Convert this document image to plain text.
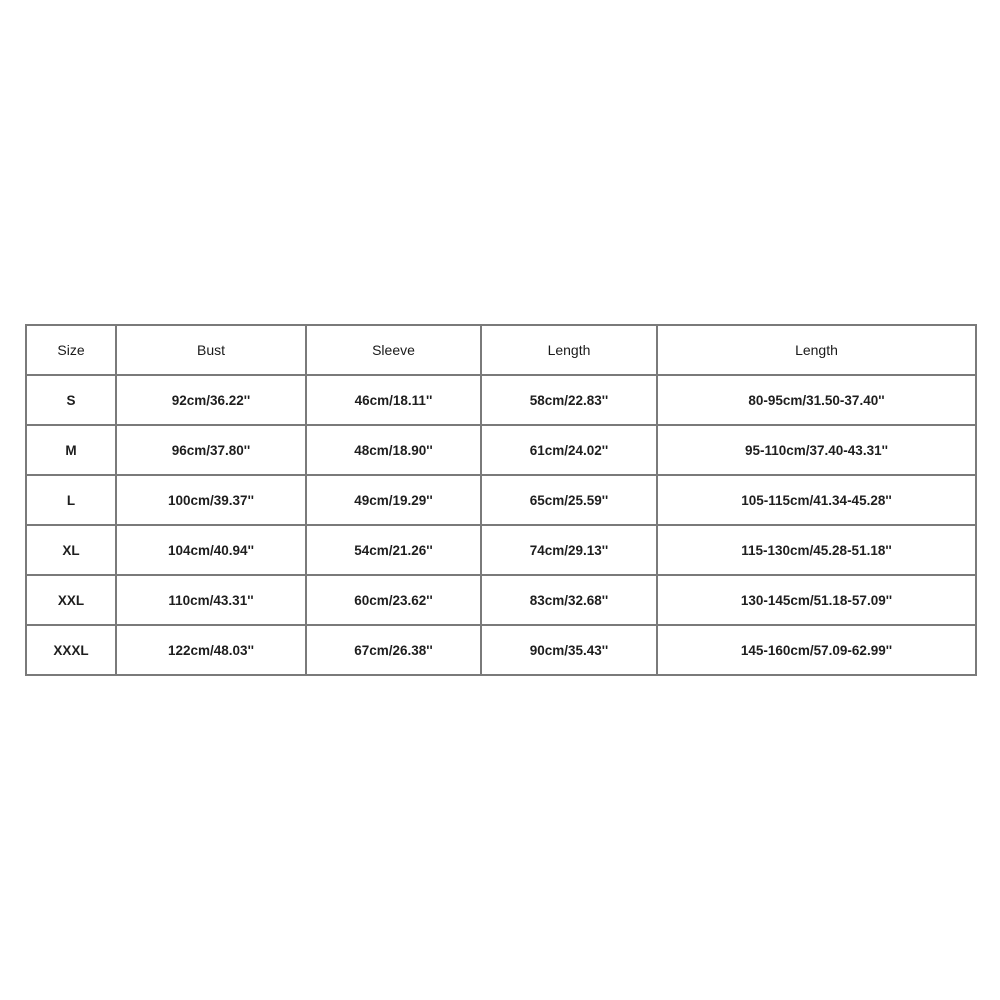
Size	Bust	Sleeve	Length	Length
S	92cm/36.22''	46cm/18.11''	58cm/22.83''	80-95cm/31.50-37.40''
M	96cm/37.80''	48cm/18.90''	61cm/24.02''	95-110cm/37.40-43.31''
L	100cm/39.37''	49cm/19.29''	65cm/25.59''	105-115cm/41.34-45.28''
XL	104cm/40.94''	54cm/21.26''	74cm/29.13''	115-130cm/45.28-51.18''
XXL	110cm/43.31''	60cm/23.62''	83cm/32.68''	130-145cm/51.18-57.09''
XXXL	122cm/48.03''	67cm/26.38''	90cm/35.43''	145-160cm/57.09-62.99''
